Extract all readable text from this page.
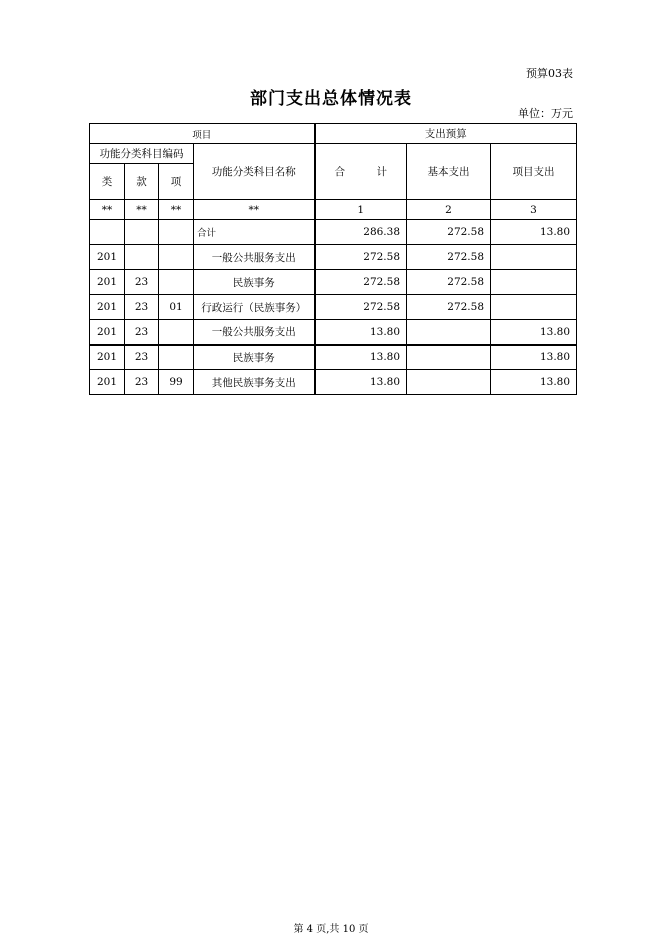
预算03表
部门支出总体情况表
单位：万元
项目				支出预算		
功能分类科目编码			功能分类科目名称	合　　　计	基本支出	项目支出
类	款	项				
**	**	**	**	1	2	3
			合计	286.38	272.58	13.80
201			一般公共服务支出	272.58	272.58	
201	23		民族事务	272.58	272.58	
201	23	01	行政运行（民族事务）	272.58	272.58	
201	23		一般公共服务支出	13.80		13.80
201	23		民族事务	13.80		13.80
201	23	99	其他民族事务支出	13.80		13.80
第 4 页,共 10 页
